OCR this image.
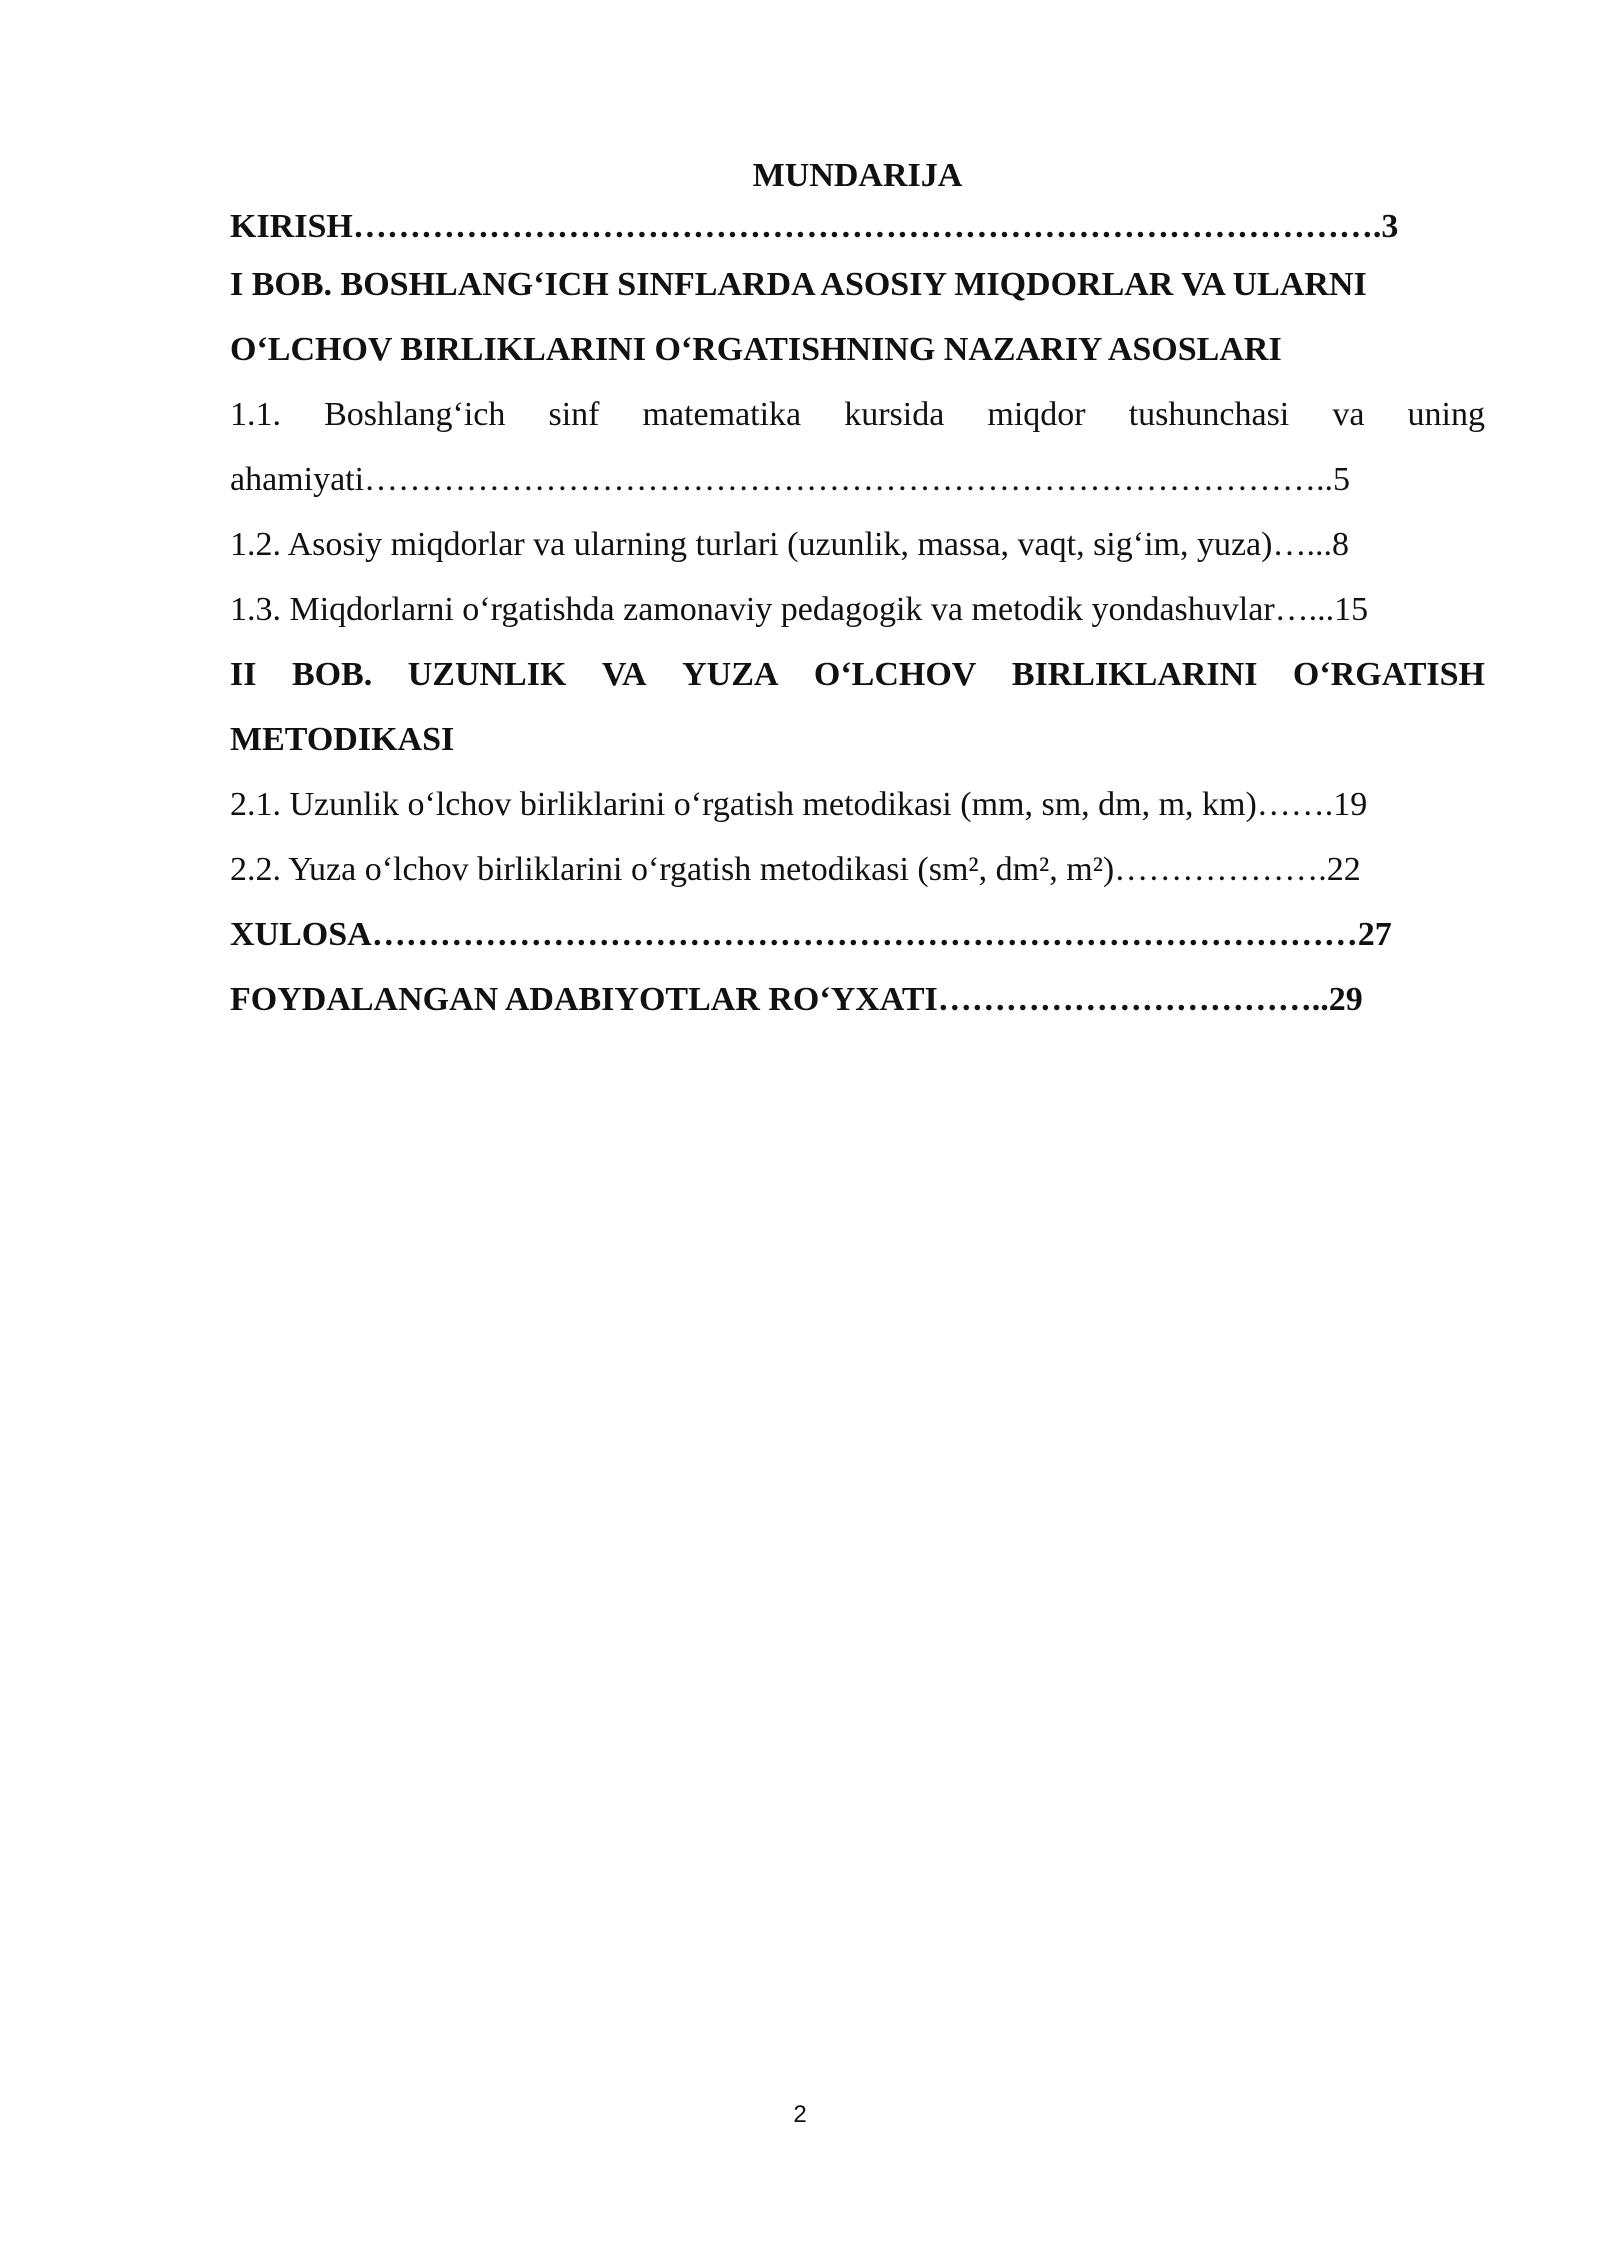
MUNDARIJA
KIRISH……………………………………………………………………………….3
I BOB. BOSHLANG‘ICH SINFLARDA ASOSIY MIQDORLAR VA ULARNI
O‘LCHOV BIRLIKLARINI O‘RGATISHNING NAZARIY ASOSLARI
1.1. Boshlang‘ich sinf matematika kursida miqdor tushunchasi va uning
ahamiyati…………………………………………………………………………..5
1.2. Asosiy miqdorlar va ularning turlari (uzunlik, massa, vaqt, sig‘im, yuza)…...8
1.3. Miqdorlarni o‘rgatishda zamonaviy pedagogik va metodik yondashuvlar…...15
II BOB. UZUNLIK VA YUZA O‘LCHOV BIRLIKLARINI O‘RGATISH
METODIKASI
2.1. Uzunlik o‘lchov birliklarini o‘rgatish metodikasi (mm, sm, dm, m, km)…….19
2.2. Yuza o‘lchov birliklarini o‘rgatish metodikasi (sm², dm², m²)……………….22
XULOSA……………………………………………………………………………27
FOYDALANGAN ADABIYOTLAR RO‘YXATI……………………………..29
2
